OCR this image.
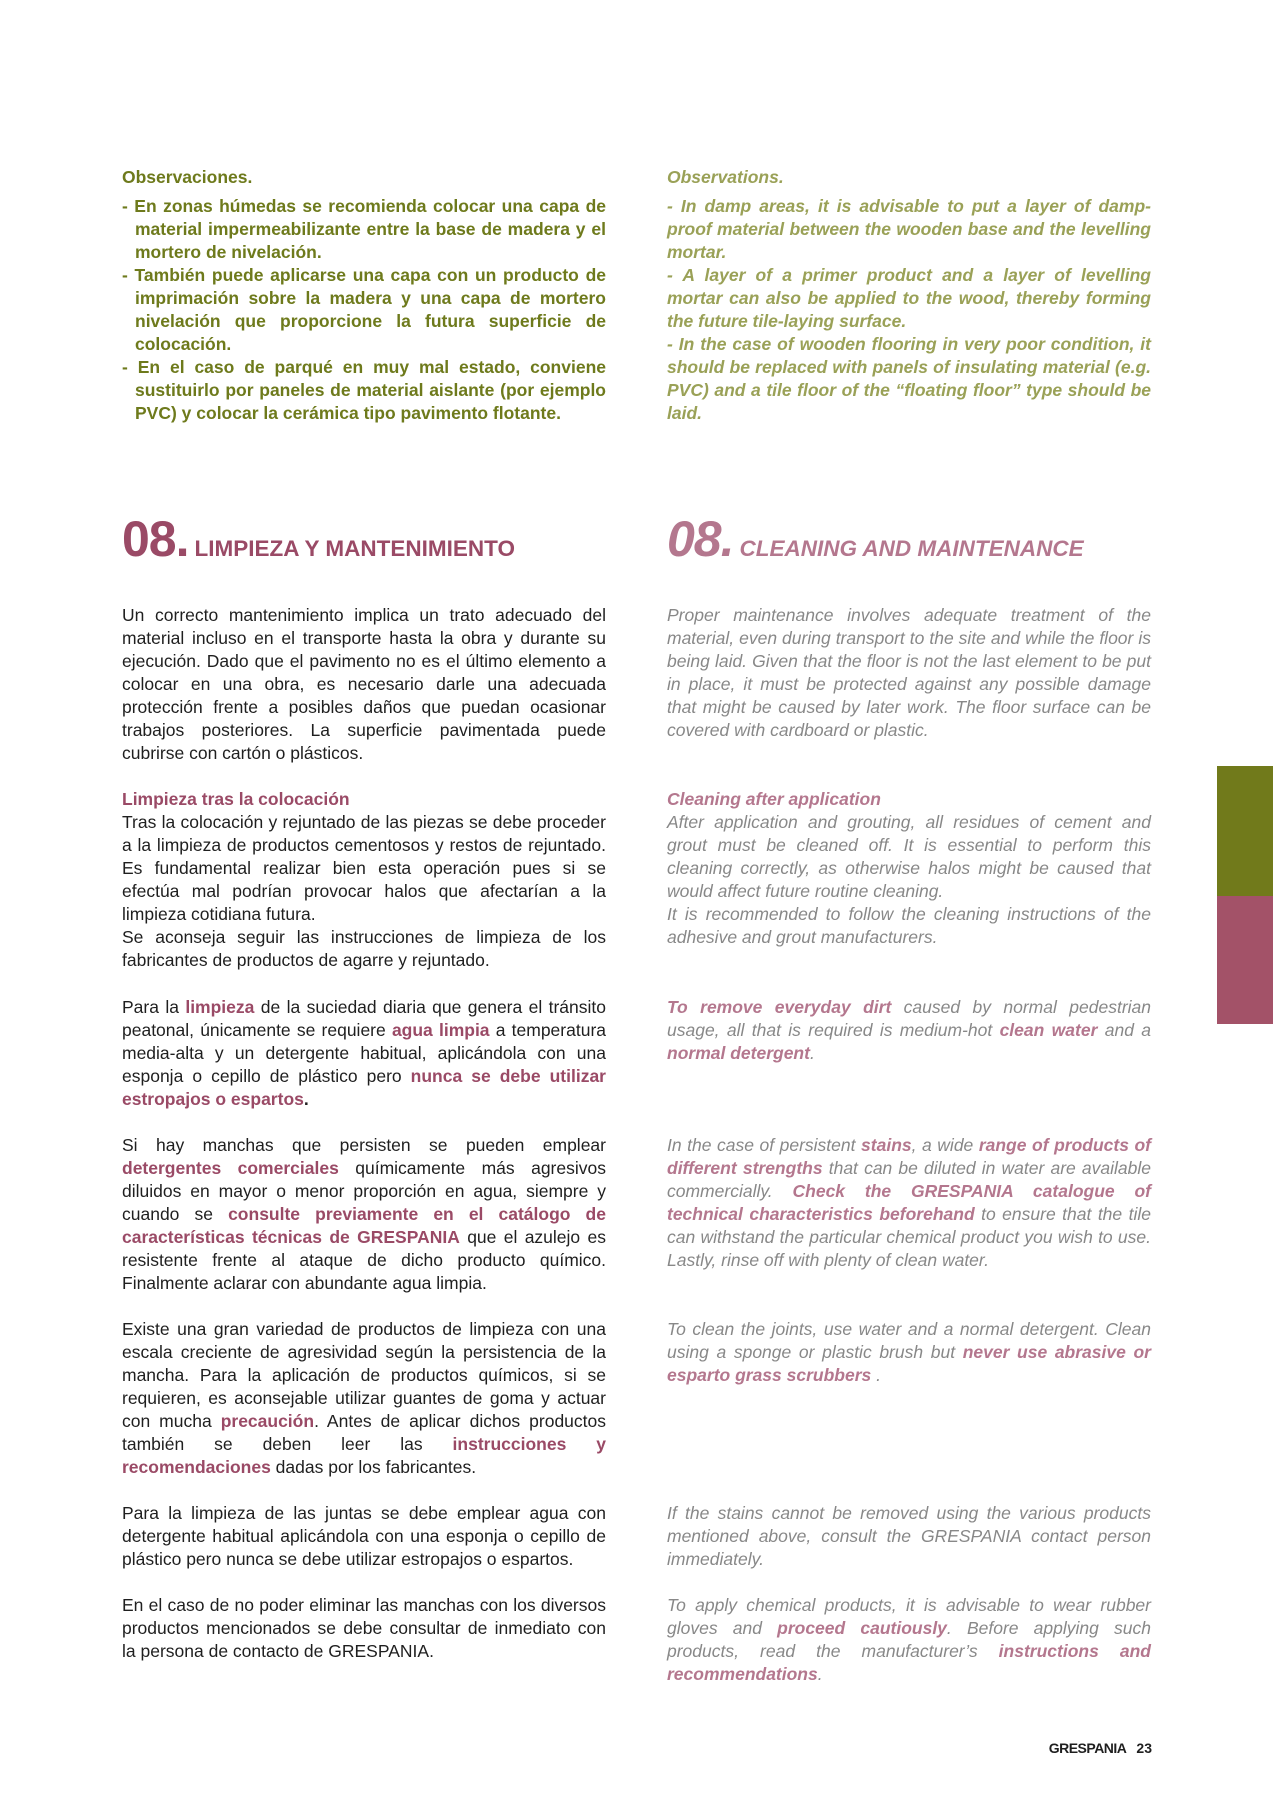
Observaciones.

- En zonas húmedas se recomienda colocar una capa de material impermeabilizante entre la base de madera y el mortero de nivelación.

- También puede aplicarse una capa con un producto de imprimación sobre la madera y una capa de mortero nivelación que proporcione la futura superficie de colocación.

- En el caso de parqué en muy mal estado, conviene sustituirlo por paneles de material aislante (por ejemplo PVC) y colocar la cerámica tipo pavimento flotante.

Observations.

- In damp areas, it is advisable to put a layer of damp-proof material between the wooden base and the levelling mortar.

- A layer of a primer product and a layer of levelling mortar can also be applied to the wood, thereby forming the future tile-laying surface.

- In the case of wooden flooring in very poor condition, it should be replaced with panels of insulating material (e.g. PVC) and a tile floor of the “floating floor” type should be laid.

08. LIMPIEZA Y MANTENIMIENTO	08. CLEANING AND MAINTENANCE

Un correcto mantenimiento implica un trato adecuado del material incluso en el transporte hasta la obra y durante su ejecución. Dado que el pavimento no es el último elemento a colocar en una obra, es necesario darle una adecuada protección frente a posibles daños que puedan ocasionar trabajos posteriores. La superficie pavimentada puede cubrirse con cartón o plásticos.

Limpieza tras la colocación

Tras la colocación y rejuntado de las piezas se debe proceder a la limpieza de productos cementosos y restos de rejuntado. Es fundamental realizar bien esta operación pues si se efectúa mal podrían provocar halos que afectarían a la limpieza cotidiana futura.

Se aconseja seguir las instrucciones de limpieza de los fabricantes de productos de agarre y rejuntado.

Para la limpieza de la suciedad diaria que genera el tránsito peatonal, únicamente se requiere agua limpia a temperatura media-alta y un detergente habitual, aplicándola con una esponja o cepillo de plástico pero nunca se debe utilizar estropajos o espartos.

Si hay manchas que persisten se pueden emplear detergentes comerciales químicamente más agresivos diluidos en mayor o menor proporción en agua, siempre y cuando se consulte previamente en el catálogo de características técnicas de GRESPANIA que el azulejo es resistente frente al ataque de dicho producto químico. Finalmente aclarar con abundante agua limpia.

Existe una gran variedad de productos de limpieza con una escala creciente de agresividad según la persistencia de la mancha. Para la aplicación de productos químicos, si se requieren, es aconsejable utilizar guantes de goma y actuar con mucha precaución. Antes de aplicar dichos productos también se deben leer las instrucciones y recomendaciones dadas por los fabricantes.

Para la limpieza de las juntas se debe emplear agua con detergente habitual aplicándola con una esponja o cepillo de plástico pero nunca se debe utilizar estropajos o espartos.

En el caso de no poder eliminar las manchas con los diversos productos mencionados se debe consultar de inmediato con la persona de contacto de GRESPANIA.

Proper maintenance involves adequate treatment of the material, even during transport to the site and while the floor is being laid. Given that the floor is not the last element to be put in place, it must be protected against any possible damage that might be caused by later work. The floor surface can be covered with cardboard or plastic.

Cleaning after application

After application and grouting, all residues of cement and grout must be cleaned off. It is essential to perform this cleaning correctly, as otherwise halos might be caused that would affect future routine cleaning.

It is recommended to follow the cleaning instructions of the adhesive and grout manufacturers.

To remove everyday dirt caused by normal pedestrian usage, all that is required is medium-hot clean water and a normal detergent.

In the case of persistent stains, a wide range of products of different strengths that can be diluted in water are available commercially. Check the GRESPANIA catalogue of technical characteristics beforehand to ensure that the tile can withstand the particular chemical product you wish to use. Lastly, rinse off with plenty of clean water.

To clean the joints, use water and a normal detergent. Clean using a sponge or plastic brush but never use abrasive or esparto grass scrubbers .

If the stains cannot be removed using the various products mentioned above, consult the GRESPANIA contact person immediately.

To apply chemical products, it is advisable to wear rubber gloves and proceed cautiously. Before applying such products, read the manufacturer’s instructions and recommendations.

GRESPANIA 23
